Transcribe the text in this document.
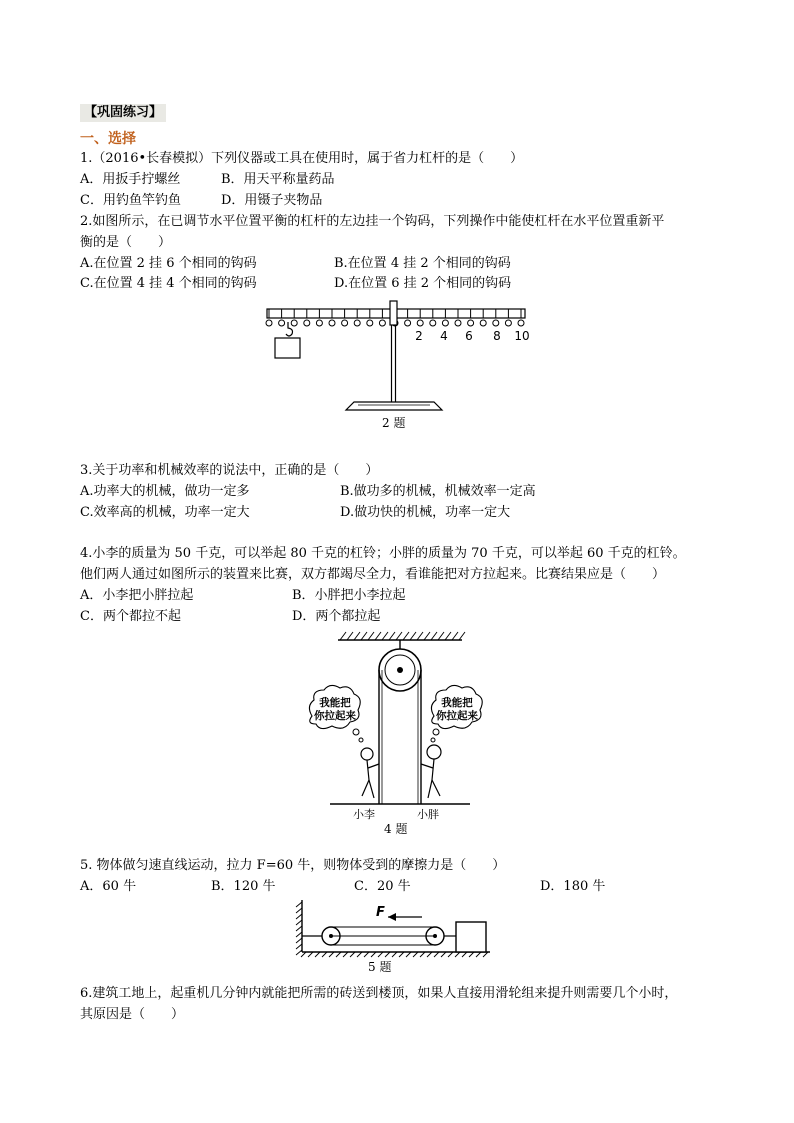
【巩固练习】
一、选择
1.（2016•长春模拟）下列仪器或工具在使用时，属于省力杠杆的是（　　）
A．用扳手拧螺丝	B．用天平称量药品
C．用钓鱼竿钓鱼	D．用镊子夹物品
2.如图所示，在已调节水平位置平衡的杠杆的左边挂一个钩码，下列操作中能使杠杆在水平位置重新平
衡的是（　　）
A.在位置 2 挂 6 个相同的钩码	B.在位置 4 挂 2 个相同的钩码
C.在位置 4 挂 4 个相同的钩码	D.在位置 6 挂 2 个相同的钩码
2 4 6 8 10
2 题
3.关于功率和机械效率的说法中，正确的是（　　）
A.功率大的机械，做功一定多	B.做功多的机械，机械效率一定高
C.效率高的机械，功率一定大	D.做功快的机械，功率一定大
4.小李的质量为 50 千克，可以举起 80 千克的杠铃；小胖的质量为 70 千克，可以举起 60 千克的杠铃。
他们两人通过如图所示的装置来比赛，双方都竭尽全力，看谁能把对方拉起来。比赛结果应是（　　）
A．小李把小胖拉起	B．小胖把小李拉起
C．两个都拉不起	D．两个都拉起
我能把
你拉起来
我能把
你拉起来
小李	小胖
4 题
5. 物体做匀速直线运动，拉力 F=60 牛，则物体受到的摩擦力是（　　）
A．60 牛	B．120 牛	C．20 牛	D．180 牛
F
5 题
6.建筑工地上，起重机几分钟内就能把所需的砖送到楼顶，如果人直接用滑轮组来提升则需要几个小时，
其原因是（　　）
